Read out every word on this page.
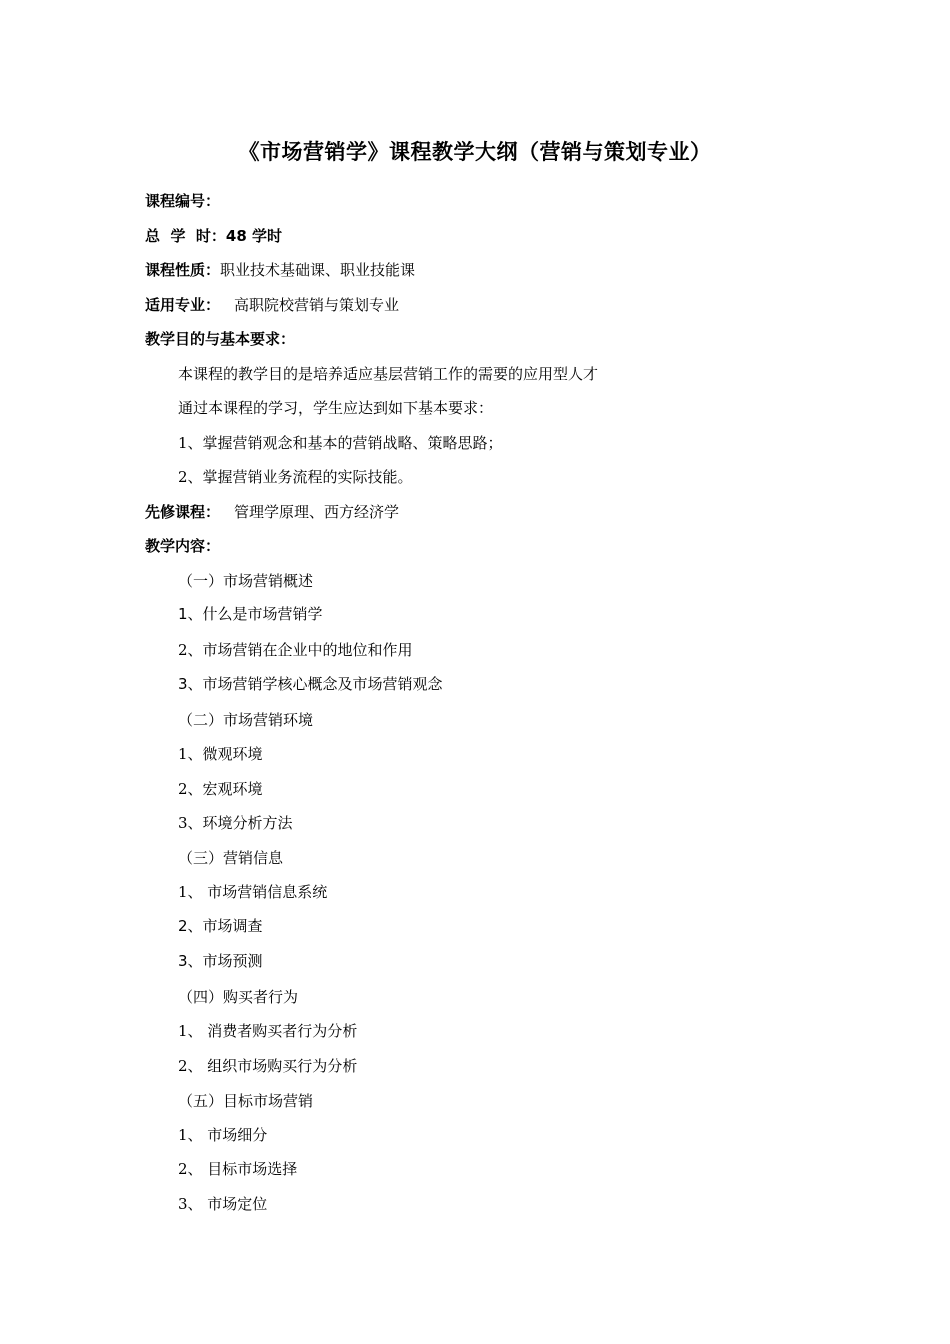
《市场营销学》课程教学大纲（营销与策划专业）
课程编号：
总  学  时：48 学时
课程性质：职业技术基础课、职业技能课
适用专业： 高职院校营销与策划专业
教学目的与基本要求：
本课程的教学目的是培养适应基层营销工作的需要的应用型人才
通过本课程的学习，学生应达到如下基本要求：
1、掌握营销观念和基本的营销战略、策略思路；
2、掌握营销业务流程的实际技能。
先修课程： 管理学原理、西方经济学
教学内容：
（一）市场营销概述
1、什么是市场营销学
2、市场营销在企业中的地位和作用
3、市场营销学核心概念及市场营销观念
（二）市场营销环境
1、微观环境
2、宏观环境
3、环境分析方法
（三）营销信息
1、 市场营销信息系统
2、市场调查
3、市场预测
（四）购买者行为
1、 消费者购买者行为分析
2、 组织市场购买行为分析
（五）目标市场营销
1、 市场细分
2、 目标市场选择
3、 市场定位
